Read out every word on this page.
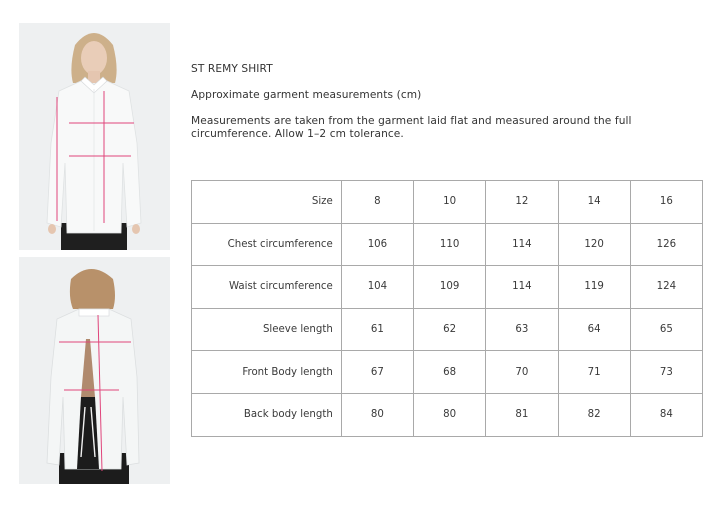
ST REMY SHIRT
Approximate garment measurements (cm)
Measurements are taken from the garment laid flat and measured around the full circumference. Allow 1–2 cm tolerance.
Size	8	10	12	14	16
Chest circumference	106	110	114	120	126
Waist circumference	104	109	114	119	124
Sleeve length	61	62	63	64	65
Front Body length	67	68	70	71	73
Back body length	80	80	81	82	84
